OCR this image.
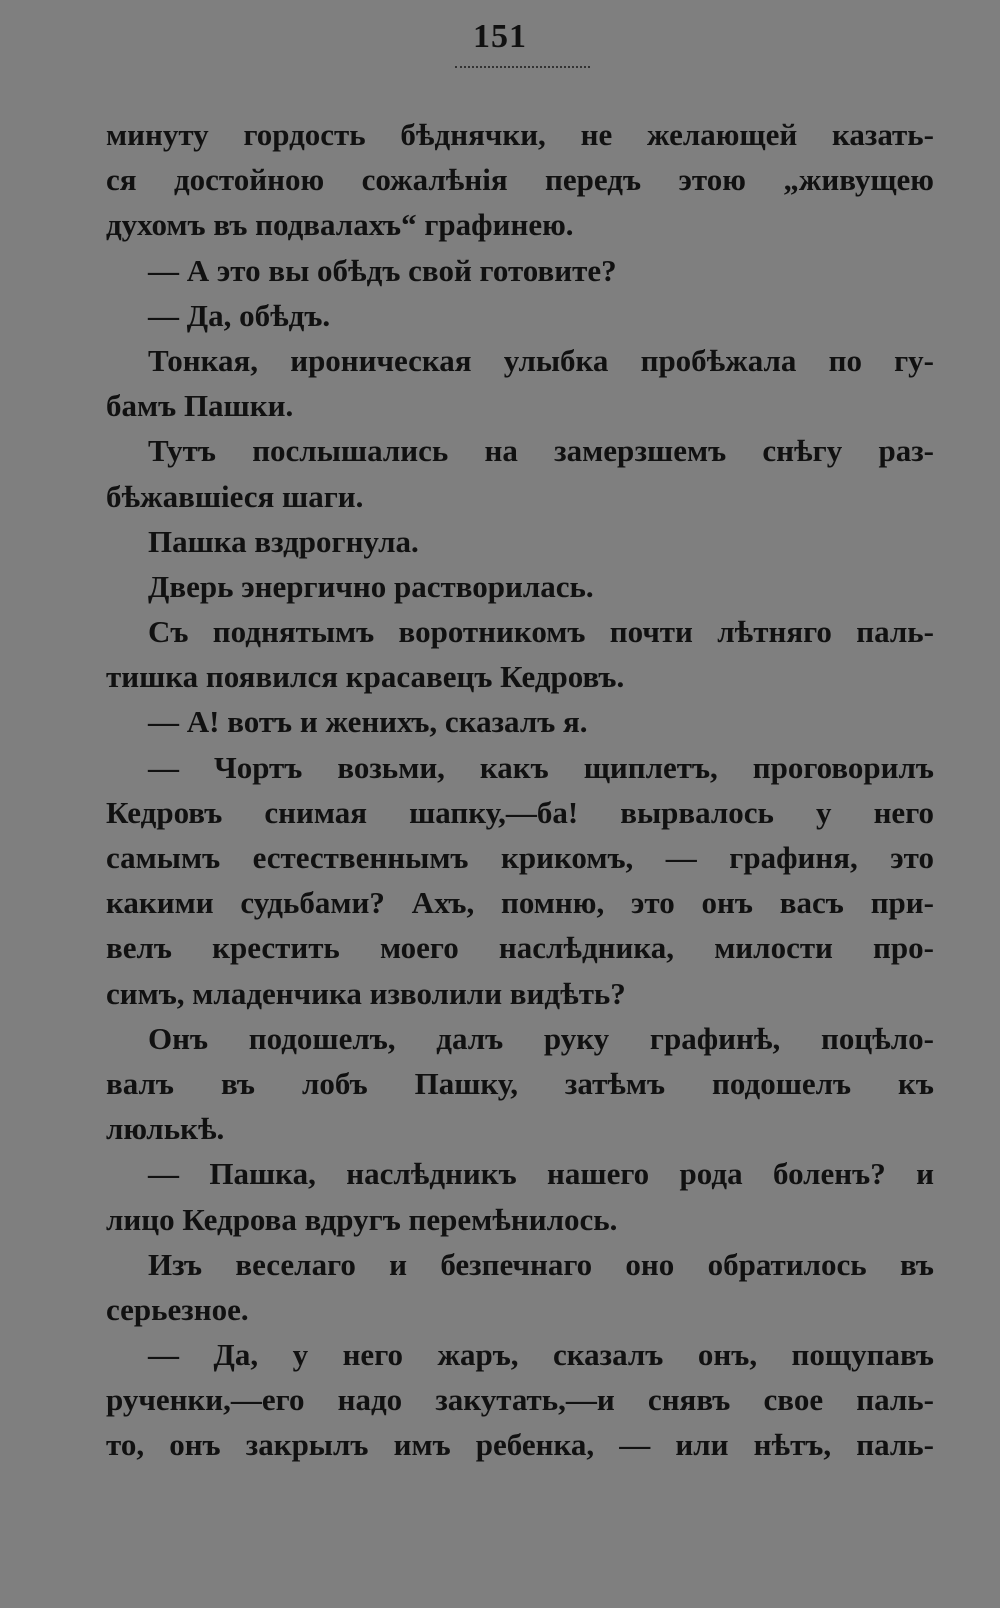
151
минуту гордость бѣднячки, не желающей казать-
ся достойною сожалѣнія передъ этою „живущею
духомъ въ подвалахъ“ графинею.
— А это вы обѣдъ свой готовите?
— Да, обѣдъ.
Тонкая, ироническая улыбка пробѣжала по гу-
бамъ Пашки.
Тутъ послышались на замерзшемъ снѣгу раз-
бѣжавшіеся шаги.
Пашка вздрогнула.
Дверь энергично растворилась.
Съ поднятымъ воротникомъ почти лѣтняго паль-
тишка появился красавецъ Кедровъ.
— А! вотъ и женихъ, сказалъ я.
— Чортъ возьми, какъ щиплетъ, проговорилъ
Кедровъ снимая шапку,—ба! вырвалось у него
самымъ естественнымъ крикомъ, — графиня, это
какими судьбами? Ахъ, помню, это онъ васъ при-
велъ крестить моего наслѣдника, милости про-
симъ, младенчика изволили видѣть?
Онъ подошелъ, далъ руку графинѣ, поцѣло-
валъ въ лобъ Пашку, затѣмъ подошелъ къ
люлькѣ.
— Пашка, наслѣдникъ нашего рода боленъ? и
лицо Кедрова вдругъ перемѣнилось.
Изъ веселаго и безпечнаго оно обратилось въ
серьезное.
— Да, у него жаръ, сказалъ онъ, пощупавъ
рученки,—его надо закутать,—и снявъ свое паль-
то, онъ закрылъ имъ ребенка, — или нѣтъ, паль-
